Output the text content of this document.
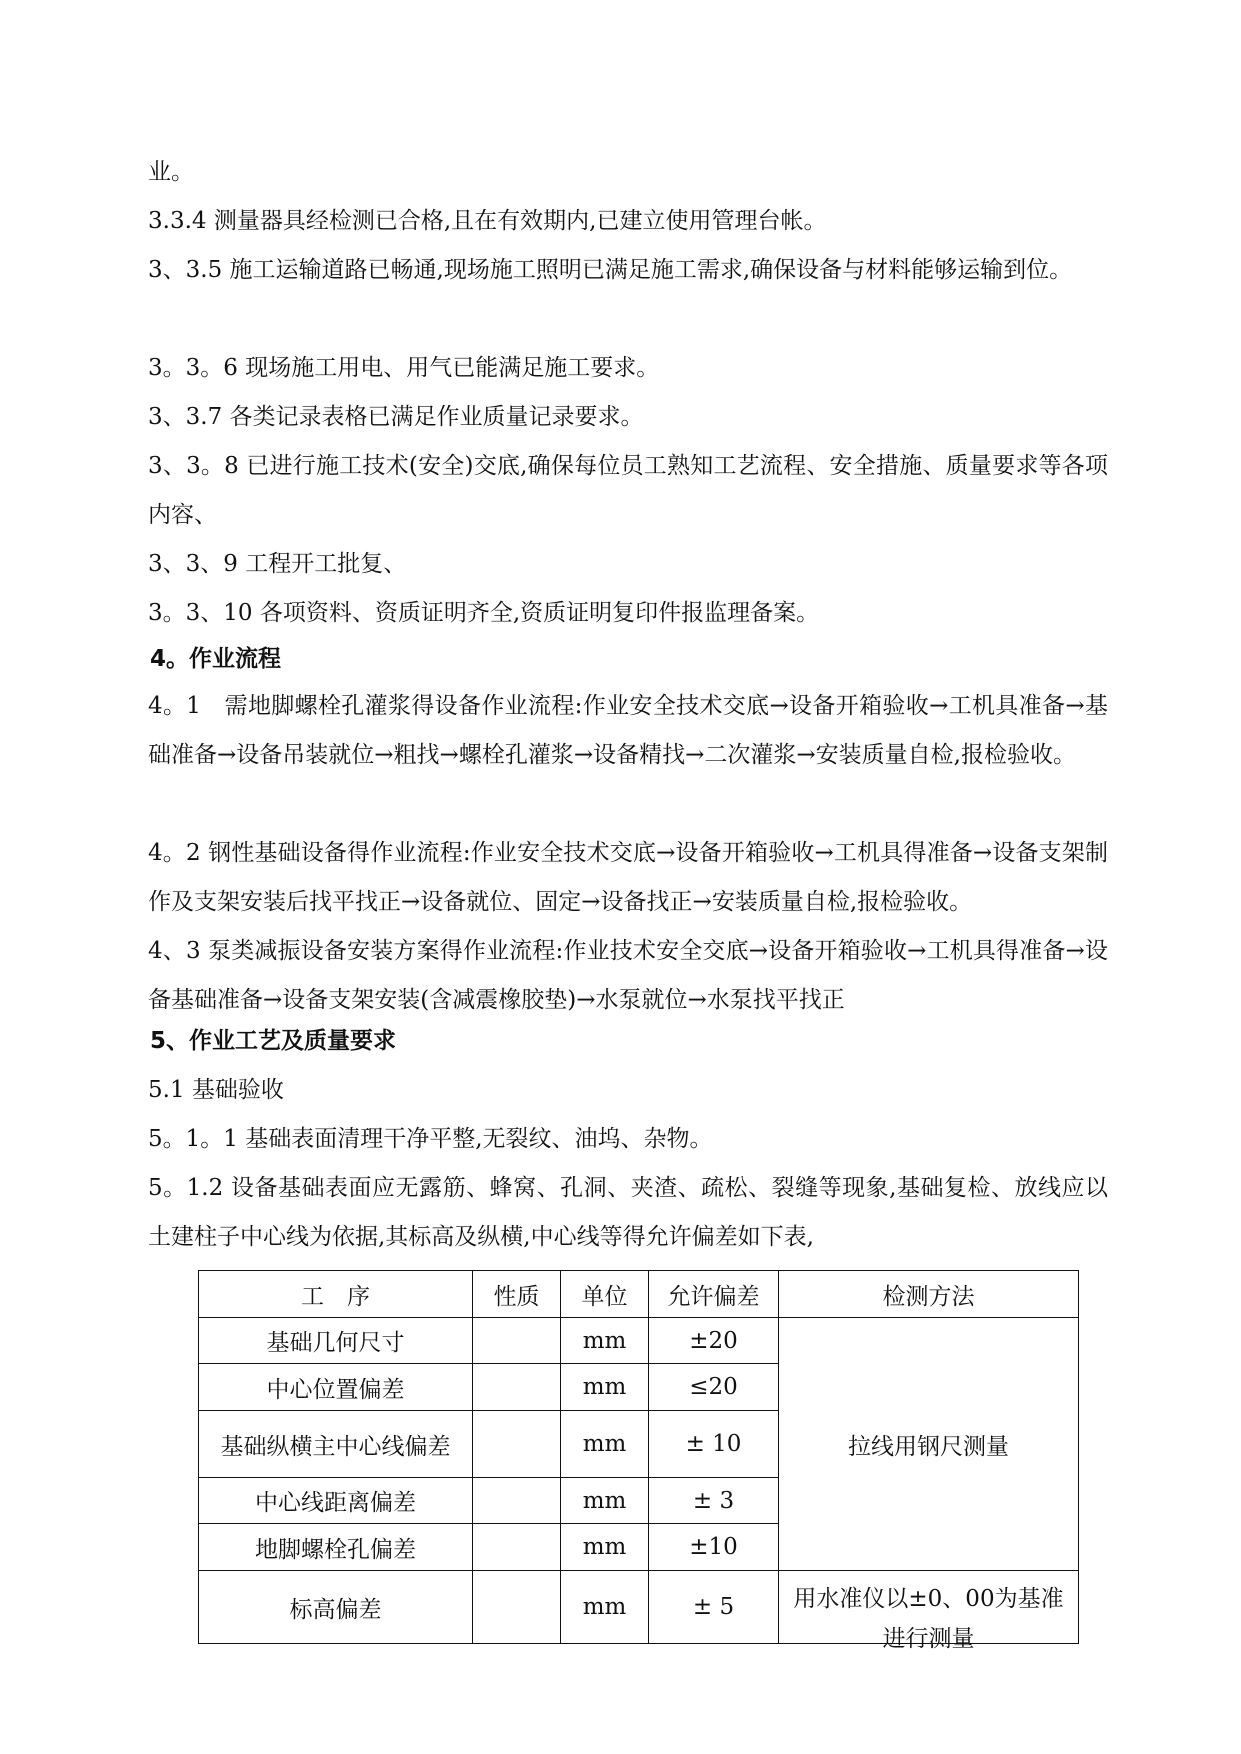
业。
3.3.4 测量器具经检测已合格,且在有效期内,已建立使用管理台帐。
3、3.5 施工运输道路已畅通,现场施工照明已满足施工需求,确保设备与材料能够运输到位。
3。3。6 现场施工用电、用气已能满足施工要求。
3、3.7 各类记录表格已满足作业质量记录要求。
3、3。8 已进行施工技术(安全)交底,确保每位员工熟知工艺流程、安全措施、质量要求等各项内容、
3、3、9 工程开工批复、
3。3、10 各项资料、资质证明齐全,资质证明复印件报监理备案。
4。作业流程
4。1　需地脚螺栓孔灌浆得设备作业流程:作业安全技术交底→设备开箱验收→工机具准备→基础准备→设备吊装就位→粗找→螺栓孔灌浆→设备精找→二次灌浆→安装质量自检,报检验收。
4。2 钢性基础设备得作业流程:作业安全技术交底→设备开箱验收→工机具得准备→设备支架制作及支架安装后找平找正→设备就位、固定→设备找正→安装质量自检,报检验收。
4、3 泵类减振设备安装方案得作业流程:作业技术安全交底→设备开箱验收→工机具得准备→设备基础准备→设备支架安装(含减震橡胶垫)→水泵就位→水泵找平找正
5、作业工艺及质量要求
5.1 基础验收
5。1。1 基础表面清理干净平整,无裂纹、油坞、杂物。
5。1.2 设备基础表面应无露筋、蜂窝、孔洞、夹渣、疏松、裂缝等现象,基础复检、放线应以土建柱子中心线为依据,其标高及纵横,中心线等得允许偏差如下表,
工　序	性质	单位	允许偏差	检测方法
基础几何尺寸		mm	±20	拉线用钢尺测量
中心位置偏差		mm	≤20	
基础纵横主中心线偏差		mm	± 10	
中心线距离偏差		mm	± 3	
地脚螺栓孔偏差		mm	±10	
标高偏差		mm	± 5	用水准仪以±0、00为基准进行测量
